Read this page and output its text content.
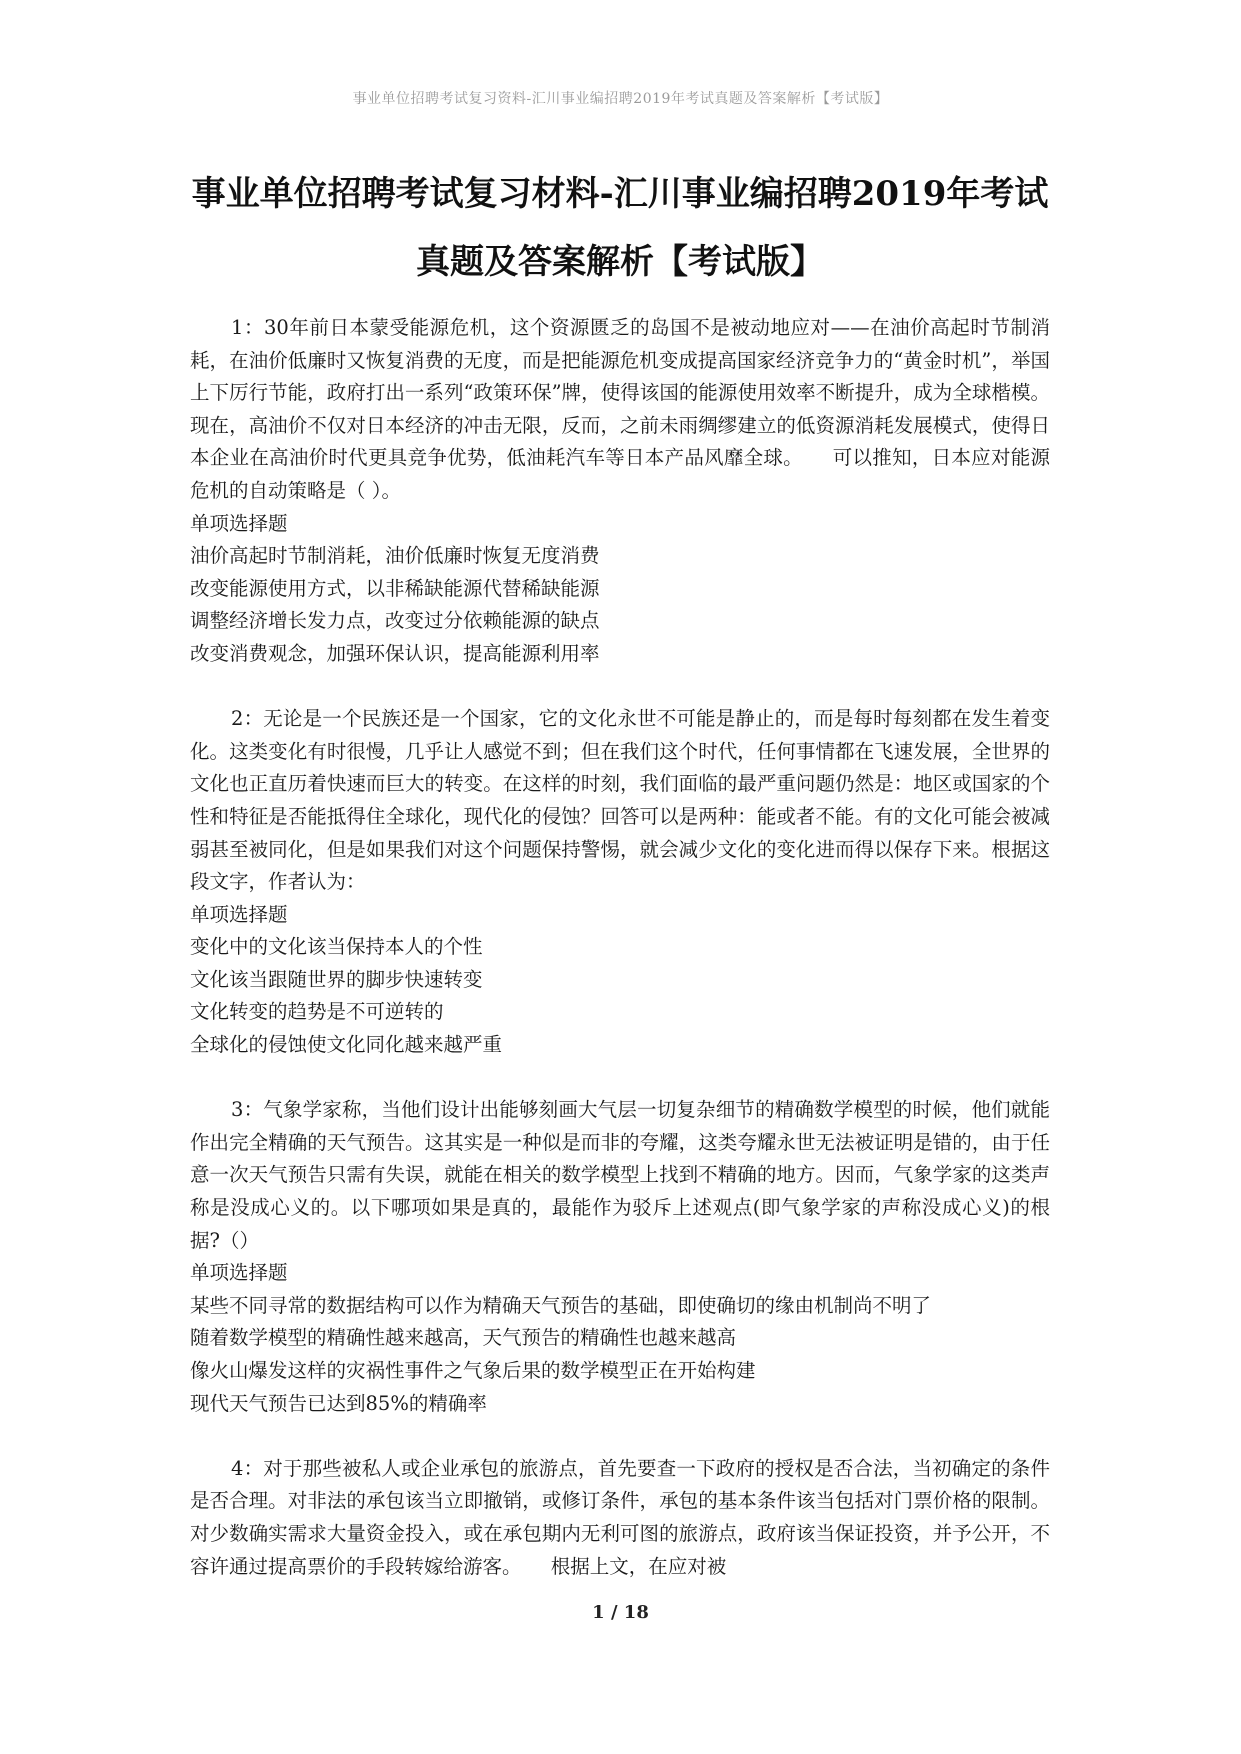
事业单位招聘考试复习资料-汇川事业编招聘2019年考试真题及答案解析【考试版】
事业单位招聘考试复习材料-汇川事业编招聘2019年考试
真题及答案解析【考试版】

1：30年前日本蒙受能源危机，这个资源匮乏的岛国不是被动地应对——在油价高起时节制消耗，在油价低廉时又恢复消费的无度，而是把能源危机变成提高国家经济竞争力的“黄金时机”，举国上下厉行节能，政府打出一系列“政策环保”牌，使得该国的能源使用效率不断提升，成为全球楷模。现在，高油价不仅对日本经济的冲击无限，反而，之前未雨绸缪建立的低资源消耗发展模式，使得日本企业在高油价时代更具竞争优势，低油耗汽车等日本产品风靡全球。　　可以推知，日本应对能源危机的自动策略是（ ）。

单项选择题

油价高起时节制消耗，油价低廉时恢复无度消费

改变能源使用方式，以非稀缺能源代替稀缺能源

调整经济增长发力点，改变过分依赖能源的缺点

改变消费观念，加强环保认识，提高能源利用率

2：无论是一个民族还是一个国家，它的文化永世不可能是静止的，而是每时每刻都在发生着变化。这类变化有时很慢，几乎让人感觉不到；但在我们这个时代，任何事情都在飞速发展，全世界的文化也正直历着快速而巨大的转变。在这样的时刻，我们面临的最严重问题仍然是：地区或国家的个性和特征是否能抵得住全球化，现代化的侵蚀？回答可以是两种：能或者不能。有的文化可能会被减弱甚至被同化，但是如果我们对这个问题保持警惕，就会减少文化的变化进而得以保存下来。根据这段文字，作者认为：

单项选择题

变化中的文化该当保持本人的个性

文化该当跟随世界的脚步快速转变

文化转变的趋势是不可逆转的

全球化的侵蚀使文化同化越来越严重

3：气象学家称，当他们设计出能够刻画大气层一切复杂细节的精确数学模型的时候，他们就能作出完全精确的天气预告。这其实是一种似是而非的夸耀，这类夸耀永世无法被证明是错的，由于任意一次天气预告只需有失误，就能在相关的数学模型上找到不精确的地方。因而，气象学家的这类声称是没成心义的。以下哪项如果是真的，最能作为驳斥上述观点(即气象学家的声称没成心义)的根据?（）

单项选择题

某些不同寻常的数据结构可以作为精确天气预告的基础，即使确切的缘由机制尚不明了

随着数学模型的精确性越来越高，天气预告的精确性也越来越高

像火山爆发这样的灾祸性事件之气象后果的数学模型正在开始构建

现代天气预告已达到85%的精确率

4：对于那些被私人或企业承包的旅游点，首先要查一下政府的授权是否合法，当初确定的条件是否合理。对非法的承包该当立即撤销，或修订条件，承包的基本条件该当包括对门票价格的限制。对少数确实需求大量资金投入，或在承包期内无利可图的旅游点，政府该当保证投资，并予公开，不容许通过提高票价的手段转嫁给游客。　　根据上文，在应对被

1 / 18
